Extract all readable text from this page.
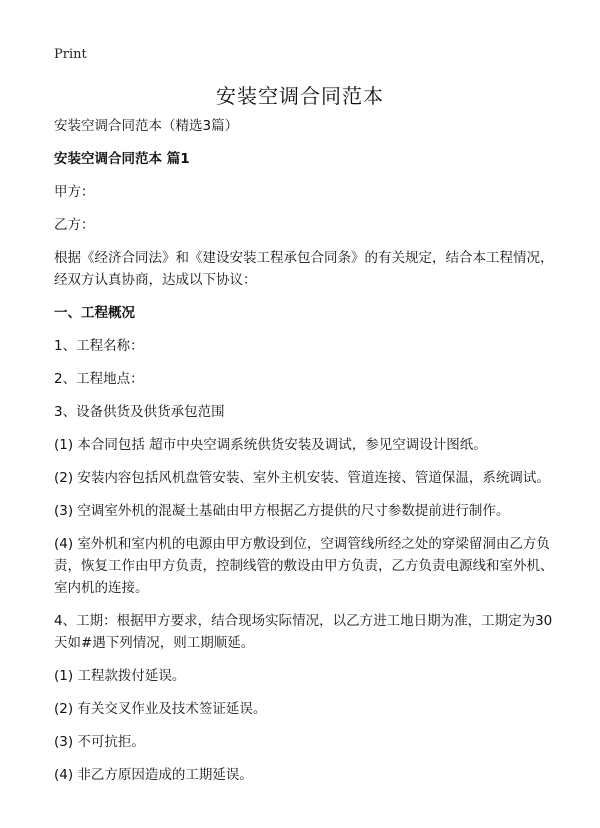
Print
安装空调合同范本

安装空调合同范本（精选3篇）

安装空调合同范本 篇1

甲方：

乙方：

根据《经济合同法》和《建设安装工程承包合同条》的有关规定，结合本工程情况，经双方认真协商，达成以下协议：

一、工程概况

1、工程名称：

2、工程地点：

3、设备供货及供货承包范围

(1) 本合同包括 超市中央空调系统供货安装及调试，参见空调设计图纸。

(2) 安装内容包括风机盘管安装、室外主机安装、管道连接、管道保温，系统调试。

(3) 空调室外机的混凝土基础由甲方根据乙方提供的尺寸参数提前进行制作。

(4) 室外机和室内机的电源由甲方敷设到位，空调管线所经之处的穿梁留洞由乙方负责，恢复工作由甲方负责，控制线管的敷设由甲方负责，乙方负责电源线和室外机、室内机的连接。

4、工期：根据甲方要求，结合现场实际情况，以乙方进工地日期为准，工期定为30天如#遇下列情况，则工期顺延。

(1) 工程款拨付延误。

(2) 有关交叉作业及技术签证延误。

(3) 不可抗拒。

(4) 非乙方原因造成的工期延误。
